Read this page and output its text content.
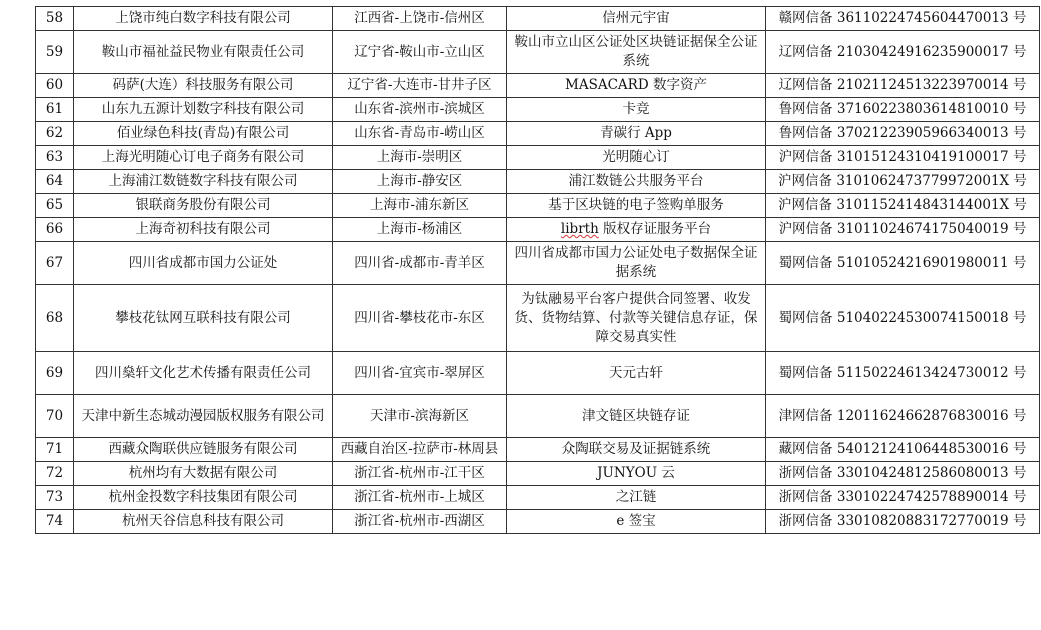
58	上饶市纯白数字科技有限公司	江西省-上饶市-信州区	信州元宇宙	赣网信备 36110224745604470013 号
59	鞍山市福祉益民物业有限责任公司	辽宁省-鞍山市-立山区	鞍山市立山区公证处区块链证据保全公证系统	辽网信备 21030424916235900017 号
60	码萨(大连）科技服务有限公司	辽宁省-大连市-甘井子区	MASACARD 数字资产	辽网信备 21021124513223970014 号
61	山东九五源计划数字科技有限公司	山东省-滨州市-滨城区	卡竞	鲁网信备 37160223803614810010 号
62	佰业绿色科技(青岛)有限公司	山东省-青岛市-崂山区	青碳行 App	鲁网信备 37021223905966340013 号
63	上海光明随心订电子商务有限公司	上海市-崇明区	光明随心订	沪网信备 31015124310419100017 号
64	上海浦江数链数字科技有限公司	上海市-静安区	浦江数链公共服务平台	沪网信备 3101062473779972001X 号
65	银联商务股份有限公司	上海市-浦东新区	基于区块链的电子签购单服务	沪网信备 3101152414843144001X 号
66	上海奇初科技有限公司	上海市-杨浦区	librth 版权存证服务平台	沪网信备 31011024674175040019 号
67	四川省成都市国力公证处	四川省-成都市-青羊区	四川省成都市国力公证处电子数据保全证据系统	蜀网信备 51010524216901980011 号
68	攀枝花钛网互联科技有限公司	四川省-攀枝花市-东区	为钛融易平台客户提供合同签署、收发货、货物结算、付款等关键信息存证，保障交易真实性	蜀网信备 51040224530074150018 号
69	四川燊轩文化艺术传播有限责任公司	四川省-宜宾市-翠屏区	天元古轩	蜀网信备 51150224613424730012 号
70	天津中新生态城动漫园版权服务有限公司	天津市-滨海新区	津文链区块链存证	津网信备 12011624662876830016 号
71	西藏众陶联供应链服务有限公司	西藏自治区-拉萨市-林周县	众陶联交易及证据链系统	藏网信备 54012124106448530016 号
72	杭州均有大数据有限公司	浙江省-杭州市-江干区	JUNYOU 云	浙网信备 33010424812586080013 号
73	杭州金投数字科技集团有限公司	浙江省-杭州市-上城区	之江链	浙网信备 33010224742578890014 号
74	杭州天谷信息科技有限公司	浙江省-杭州市-西湖区	e 签宝	浙网信备 33010820883172770019 号
